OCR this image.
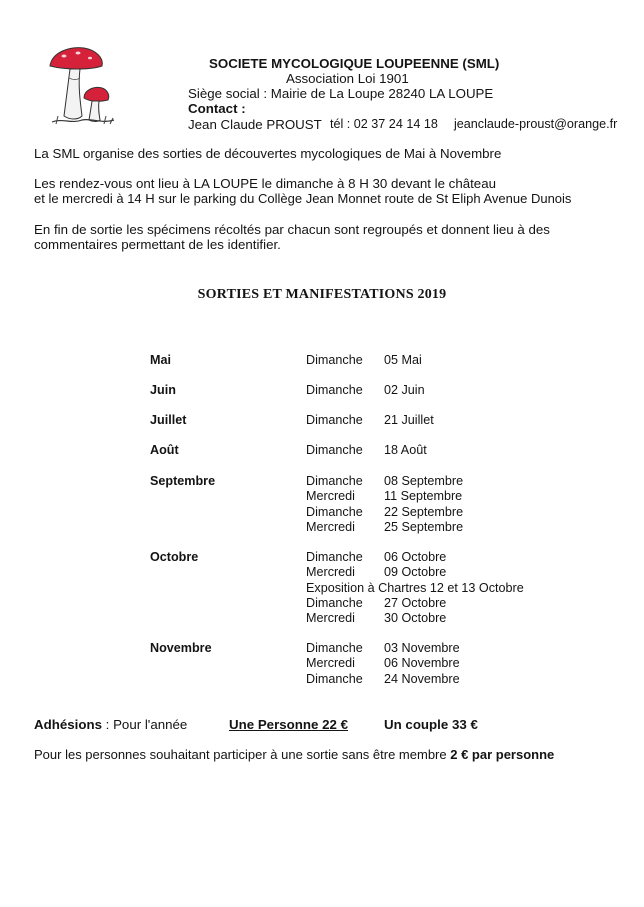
SOCIETE MYCOLOGIQUE LOUPEENNE (SML)
Association Loi 1901
Siège social : Mairie de La Loupe 28240 LA LOUPE
Contact :
Jean Claude PROUST tél : 02 37 24 14 18 jeanclaude-proust@orange.fr
La SML organise des sorties de découvertes mycologiques de Mai à Novembre
Les rendez-vous ont lieu à LA LOUPE le dimanche à 8 H 30 devant le château
et le mercredi à 14 H sur le parking du Collège Jean Monnet route de St Eliph Avenue Dunois
En fin de sortie les spécimens récoltés par chacun sont regroupés et donnent lieu à des
commentaires permettant de les identifier.
SORTIES ET MANIFESTATIONS 2019
Mai	Dimanche 05 Mai
Juin	Dimanche 02 Juin
Juillet	Dimanche 21 Juillet
Août	Dimanche 18 Août
Septembre	Dimanche 08 Septembre
Mercredi 11 Septembre
Dimanche 22 Septembre
Mercredi 25 Septembre
Octobre	Dimanche 06 Octobre
Mercredi 09 Octobre
Exposition à Chartres 12 et 13 Octobre
Dimanche 27 Octobre
Mercredi 30 Octobre
Novembre	Dimanche 03 Novembre
Mercredi 06 Novembre
Dimanche 24 Novembre
Adhésions : Pour l'année	Une Personne 22 €	Un couple 33 €
Pour les personnes souhaitant participer à une sortie sans être membre 2 € par personne
